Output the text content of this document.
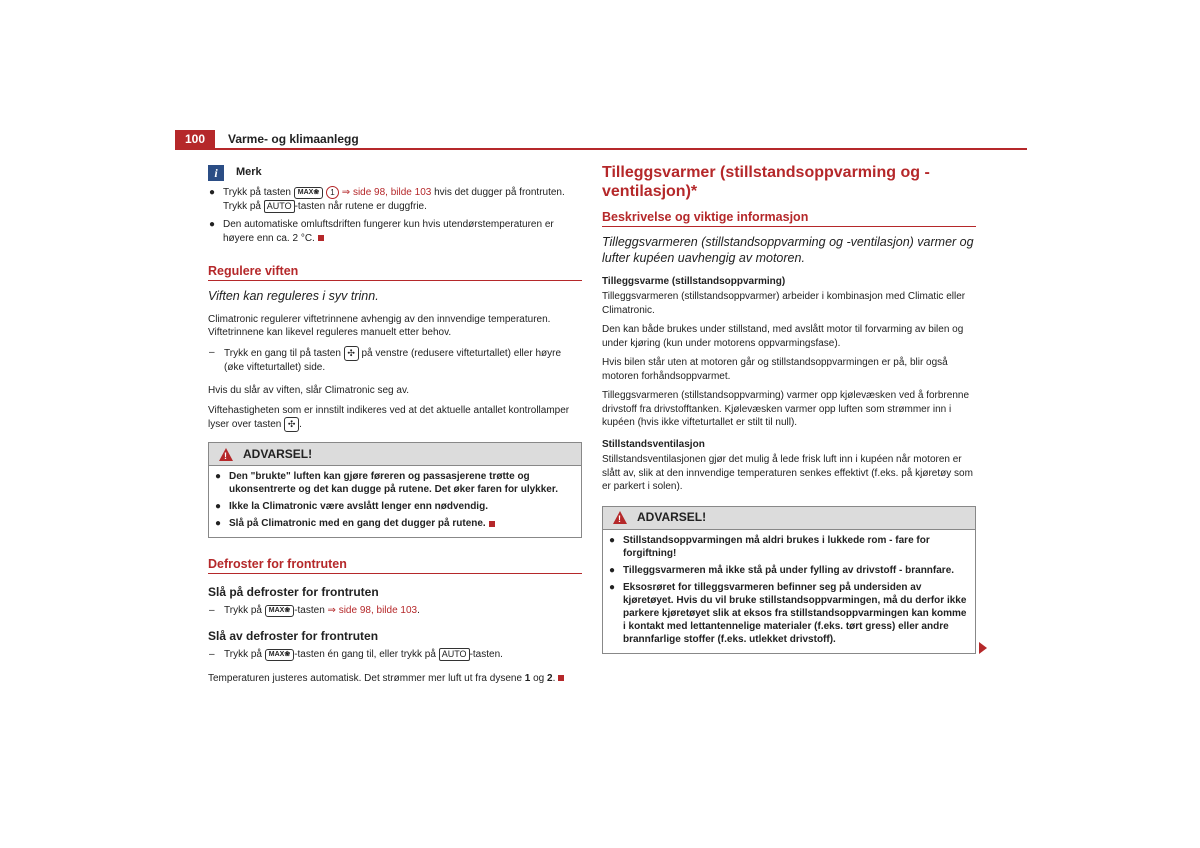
100	Varme- og klimaanlegg
i	Merk
● Trykk på tasten MAX❀ 1 ⇒ side 98, bilde 103 hvis det dugger på frontruten. Trykk på AUTO -tasten når rutene er duggfrie.
● Den automatiske omluftsdriften fungerer kun hvis utendørstemperaturen er høyere enn ca. 2 °C.
Regulere viften
Viften kan reguleres i syv trinn.

Climatronic regulerer viftetrinnene avhengig av den innvendige temperaturen. Viftetrinnene kan likevel reguleres manuelt etter behov.

– Trykk en gang til på tasten ✣ på venstre (redusere vifteturtallet) eller høyre (øke vifteturtallet) side.

Hvis du slår av viften, slår Climatronic seg av.

Viftehastigheten som er innstilt indikeres ved at det aktuelle antallet kontrollamper lyser over tasten ✣ .

!
ADVARSEL!
● Den "brukte" luften kan gjøre føreren og passasjerene trøtte og ukonsentrerte og det kan dugge på rutene. Det øker faren for ulykker.
● Ikke la Climatronic være avslått lenger enn nødvendig.
● Slå på Climatronic med en gang det dugger på rutene.
Defroster for frontruten
Slå på defroster for frontruten
– Trykk på MAX❀ -tasten ⇒ side 98, bilde 103.
Slå av defroster for frontruten
– Trykk på MAX❀ -tasten én gang til, eller trykk på AUTO -tasten.

Temperaturen justeres automatisk. Det strømmer mer luft ut fra dysene 1 og 2.

Tilleggsvarmer (stillstandsoppvarming og -ventilasjon)*
Beskrivelse og viktige informasjon
Tilleggsvarmeren (stillstandsoppvarming og -ventilasjon) varmer og lufter kupéen uavhengig av motoren.
Tilleggsvarme (stillstandsoppvarming)

Tilleggsvarmeren (stillstandsoppvarmer) arbeider i kombinasjon med Climatic eller Climatronic.

Den kan både brukes under stillstand, med avslått motor til forvarming av bilen og under kjøring (kun under motorens oppvarmingsfase).

Hvis bilen står uten at motoren går og stillstandsoppvarmingen er på, blir også motoren forhåndsoppvarmet.

Tilleggsvarmeren (stillstandsoppvarming) varmer opp kjølevæsken ved å forbrenne drivstoff fra drivstofftanken. Kjølevæsken varmer opp luften som strømmer inn i kupéen (hvis ikke vifteturtallet er stilt til null).

Stillstandsventilasjon

Stillstandsventilasjonen gjør det mulig å lede frisk luft inn i kupéen når motoren er slått av, slik at den innvendige temperaturen senkes effektivt (f.eks. på kjøretøy som er parkert i solen).

!
ADVARSEL!
● Stillstandsoppvarmingen må aldri brukes i lukkede rom - fare for forgiftning!
● Tilleggsvarmeren må ikke stå på under fylling av drivstoff - brannfare.
● Eksosrøret for tilleggsvarmeren befinner seg på undersiden av kjøretøyet. Hvis du vil bruke stillstandsoppvarmingen, må du derfor ikke parkere kjøretøyet slik at eksos fra stillstandsoppvarmingen kan komme i kontakt med lettantennelige materialer (f.eks. tørt gress) eller andre brannfarlige stoffer (f.eks. utlekket drivstoff).
